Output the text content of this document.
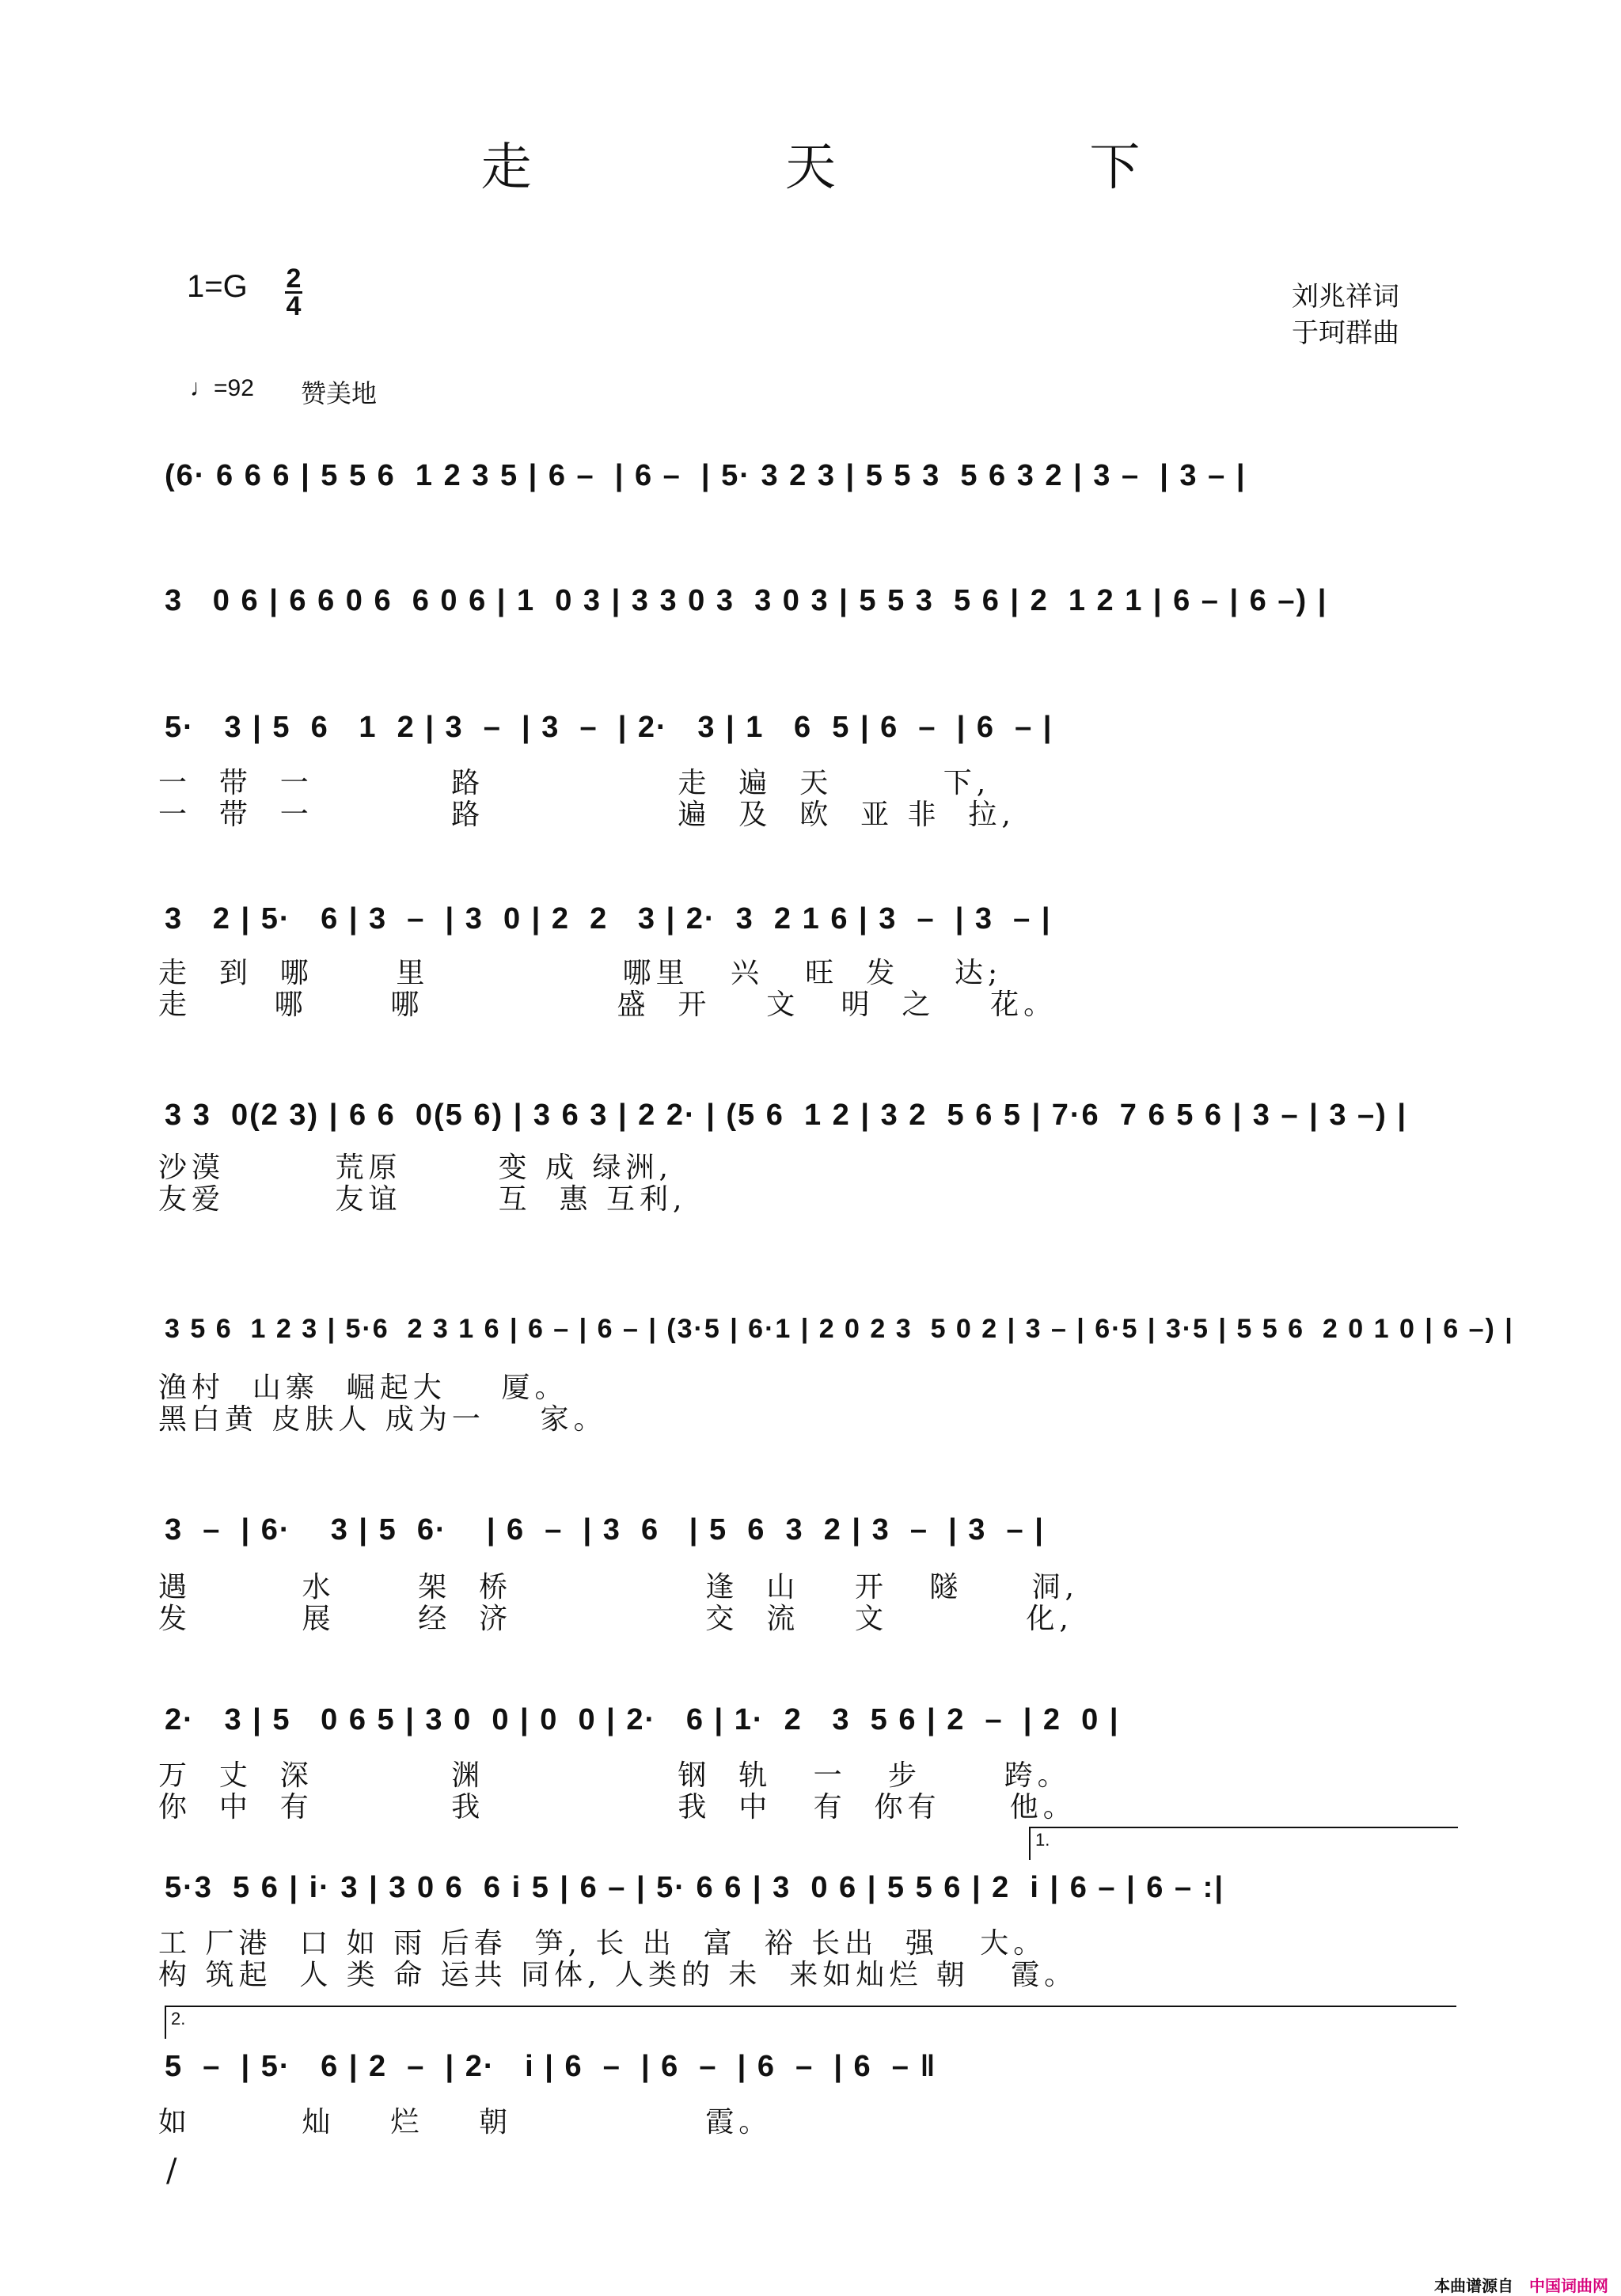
走 天 下
1=G 2
4	刘兆祥词
于珂群曲
♩=92 赞美地
(6· 6 6 6 | 5 5 6  1 2 3 5 | 6 –  | 6 –  | 5· 3 2 3 | 5 5 3  5 6 3 2 | 3 –  | 3 – |
3   0 6 | 6 6 0 6  6 0 6 | 1  0 3 | 3 3 0 3  3 0 3 | 5 5 3  5 6 | 2  1 2 1 | 6 – | 6 –) |
5·   3 | 5  6   1  2 | 3  –  | 3  –  | 2·   3 | 1   6  5 | 6  –  | 6  – |
一  带  一          路              走  遍  天        下,
一  带  一          路              遍  及  欧  亚 非  拉,
3   2 | 5·   6 | 3  –  | 3  0 | 2  2   3 | 2·  3  2 1 6 | 3  –  | 3  – |
走  到  哪      里              哪里   兴   旺  发    达;
走      哪      哪              盛  开    文   明  之    花。
3 3  0(2 3) | 6 6  0(5 6) | 3 6 3 | 2 2· | (5 6  1 2 | 3 2  5 6 5 | 7·6  7 6 5 6 | 3 – | 3 –) |
沙漠        荒原       变 成 绿洲,
友爱        友谊       互  惠 互利,
3 5 6  1 2 3 | 5·6  2 3 1 6 | 6 – | 6 – | (3·5 | 6·1 | 2 0 2 3  5 0 2 | 3 – | 6·5 | 3·5 | 5 5 6  2 0 1 0 | 6 –) |
渔村  山寨  崛起大    厦。
黑白黄 皮肤人 成为一    家。
3  –  | 6·    3 | 5  6·    | 6  –  | 3  6   | 5  6  3  2 | 3  –  | 3  – |
遇        水      架  桥              逢  山    开   隧     洞,
发        展      经  济              交  流    文          化,
2·   3 | 5   0 6 5 | 3 0  0 | 0  0 | 2·   6 | 1·  2   3  5 6 | 2  –  | 2  0 |
万  丈  深          渊              钢  轨   一   步      跨。
你  中  有          我              我  中   有  你有     他。
1.
5·3  5 6 | i· 3 | 3 0 6  6 i 5 | 6 – | 5· 6 6 | 3  0 6 | 5 5 6 | 2  i | 6 – | 6 – :|
工 厂港  口 如 雨 后春  笋, 长 出  富  裕 长出  强   大。
构 筑起  人 类 命 运共 同体, 人类的 未  来如灿烂 朝   霞。
2.
5  –  | 5·   6 | 2  –  | 2·   i | 6  –  | 6  –  | 6  –  | 6  – ‖
如        灿    烂    朝              霞。
/
本曲谱源自 中国词曲网
